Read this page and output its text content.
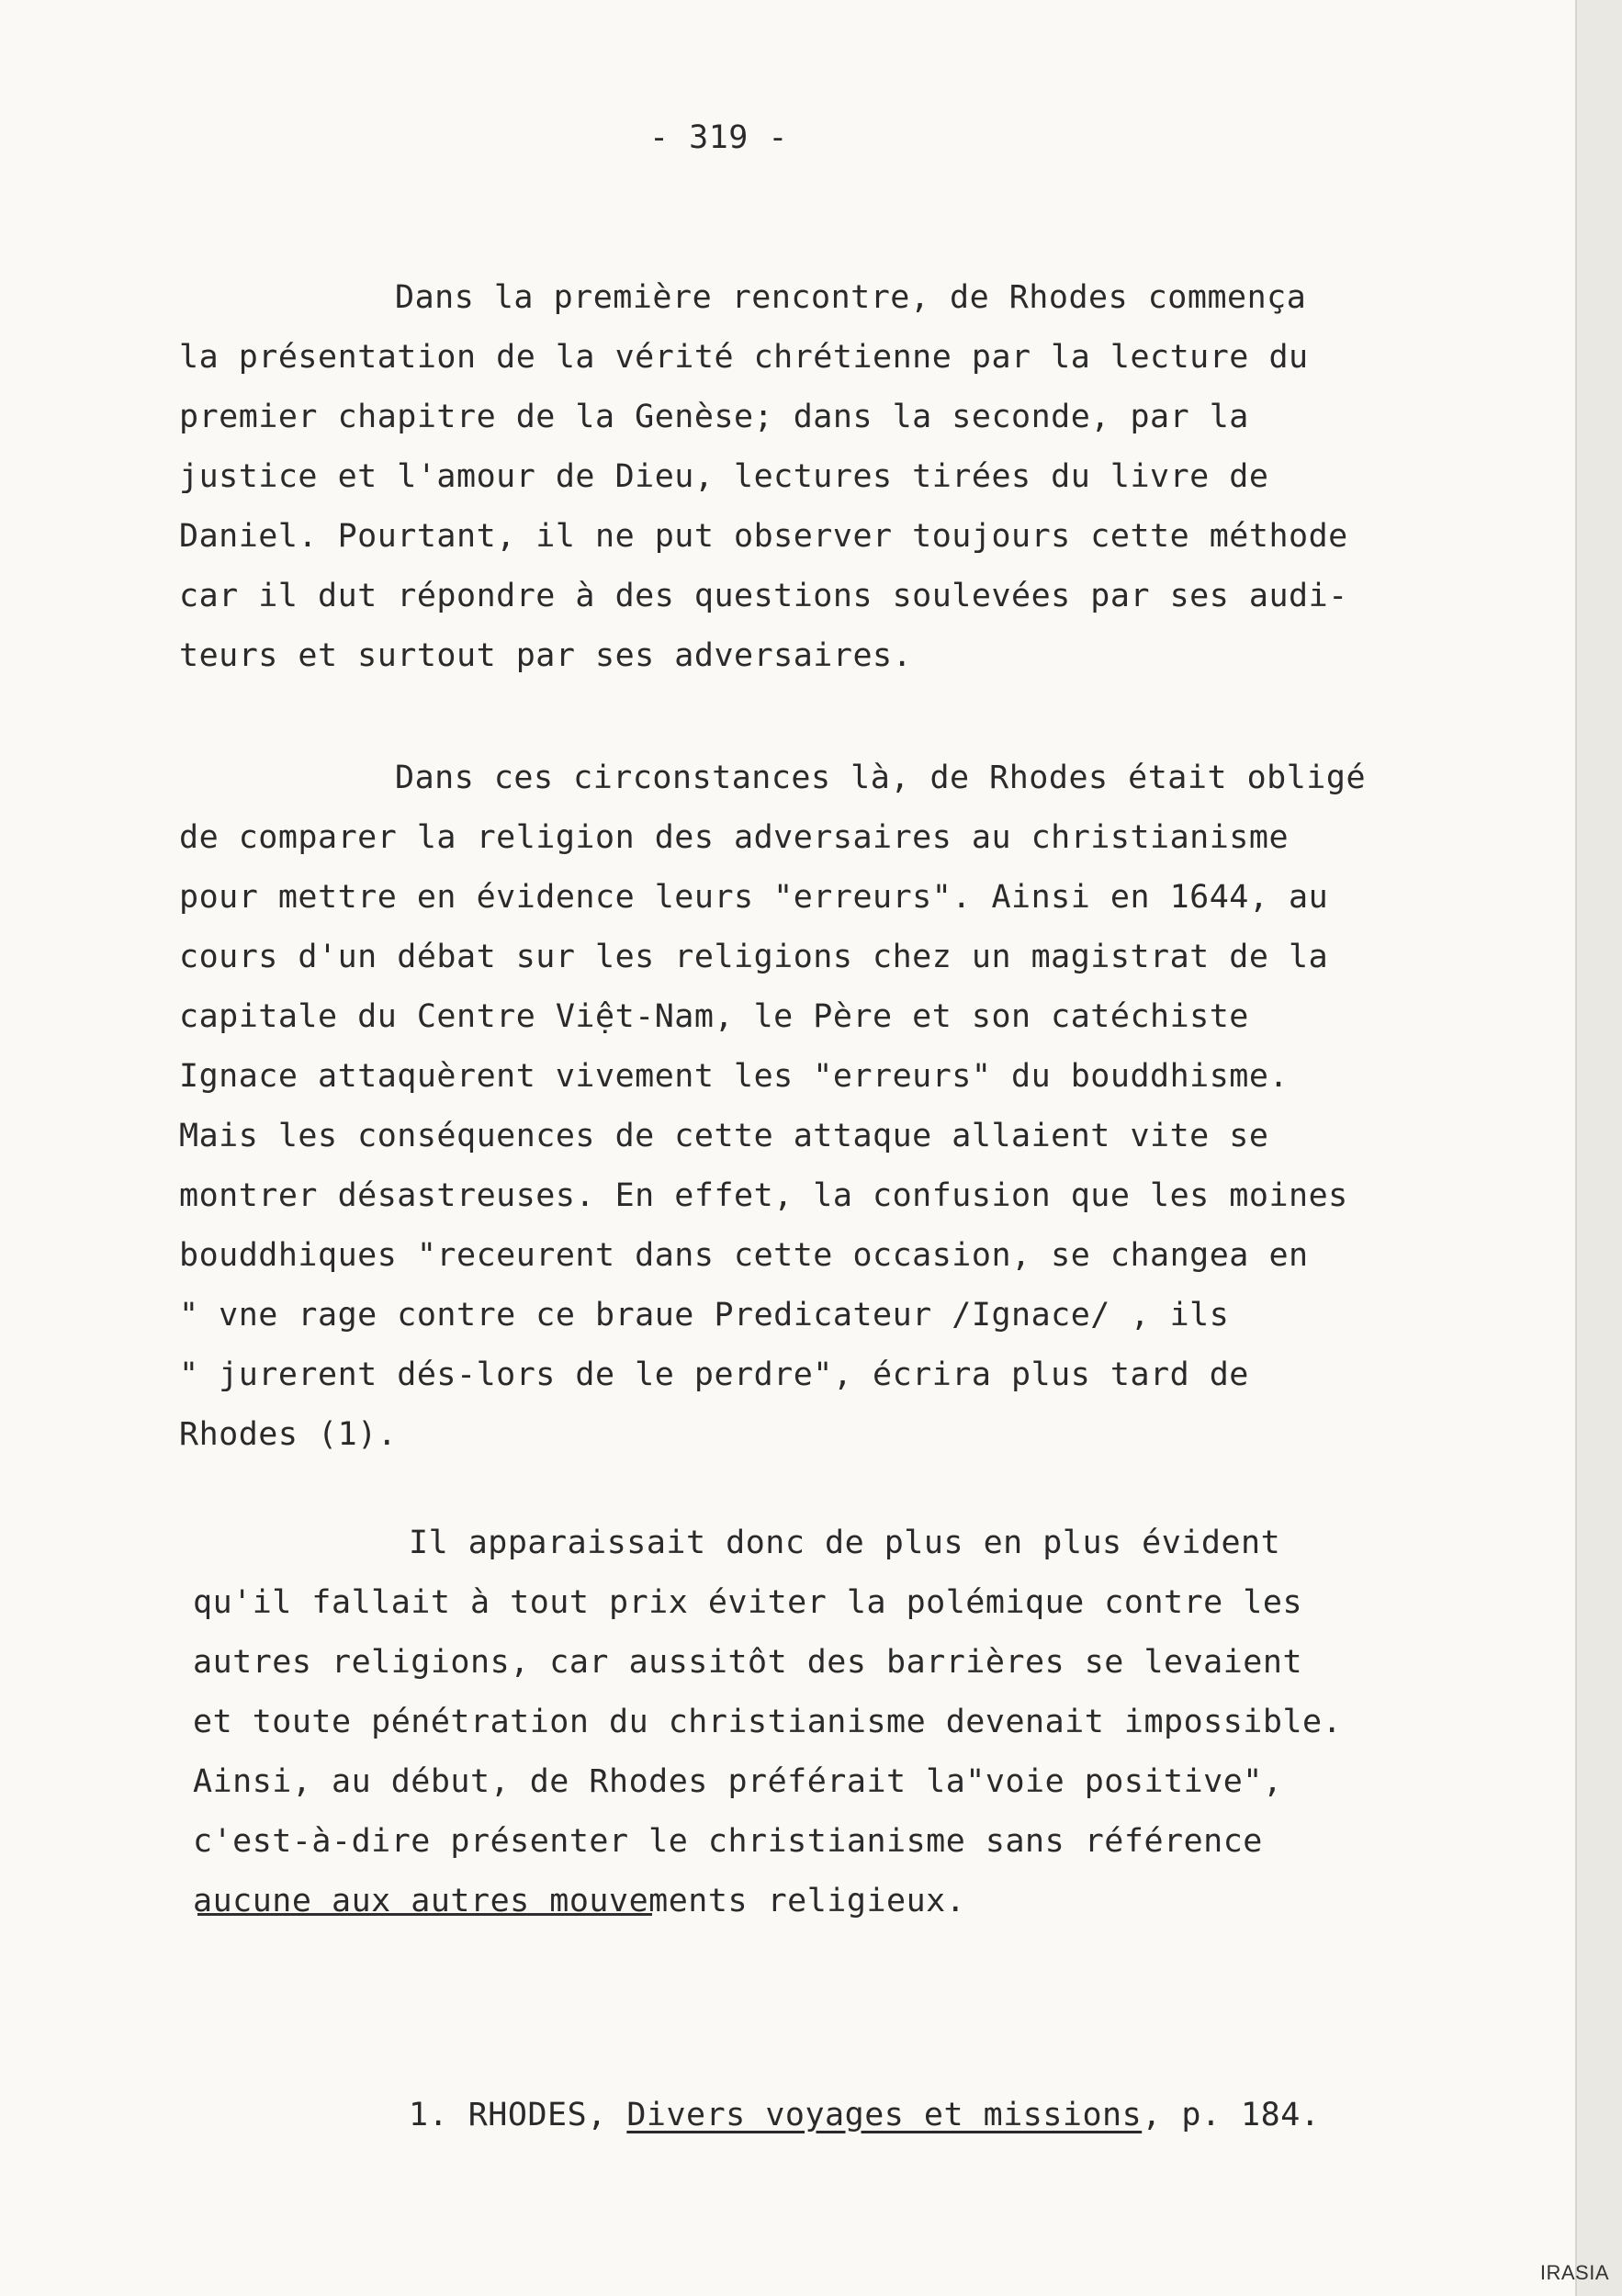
- 319 -

Dans la première rencontre, de Rhodes commença
la présentation de la vérité chrétienne par la lecture du
premier chapitre de la Genèse; dans la seconde, par la
justice et l'amour de Dieu, lectures tirées du livre de
Daniel. Pourtant, il ne put observer toujours cette méthode
car il dut répondre à des questions soulevées par ses audi-
teurs et surtout par ses adversaires.
Dans ces circonstances là, de Rhodes était obligé
de comparer la religion des adversaires au christianisme
pour mettre en évidence leurs "erreurs". Ainsi en 1644, au
cours d'un débat sur les religions chez un magistrat de la
capitale du Centre Việt-Nam, le Père et son catéchiste
Ignace attaquèrent vivement les "erreurs" du bouddhisme.
Mais les conséquences de cette attaque allaient vite se
montrer désastreuses. En effet, la confusion que les moines
bouddhiques "receurent dans cette occasion, se changea en
" vne rage contre ce braue Predicateur /Ignace/ , ils
" jurerent dés-lors de le perdre", écrira plus tard de
Rhodes (1).
Il apparaissait donc de plus en plus évident
qu'il fallait à tout prix éviter la polémique contre les
autres religions, car aussitôt des barrières se levaient
et toute pénétration du christianisme devenait impossible.
Ainsi, au début, de Rhodes préférait la"voie positive",
c'est-à-dire présenter le christianisme sans référence
aucune aux autres mouvements religieux.

1. RHODES, Divers voyages et missions, p. 184.

IRASIA
